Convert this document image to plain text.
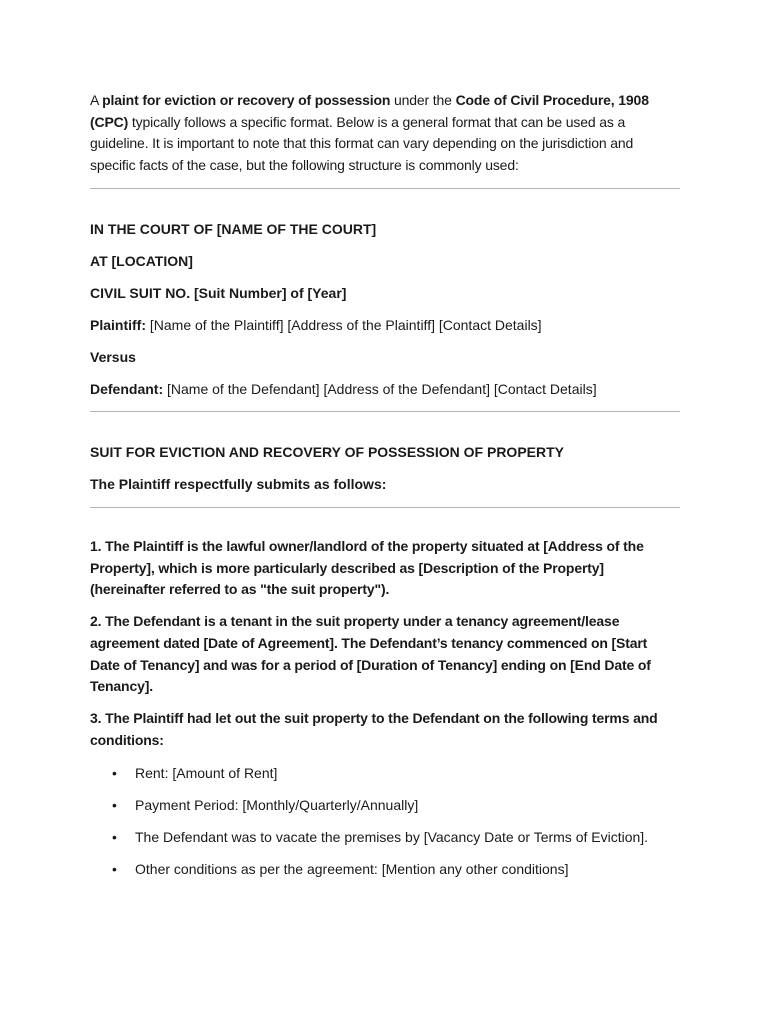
A plaint for eviction or recovery of possession under the Code of Civil Procedure, 1908 (CPC) typically follows a specific format. Below is a general format that can be used as a guideline. It is important to note that this format can vary depending on the jurisdiction and specific facts of the case, but the following structure is commonly used:

IN THE COURT OF [NAME OF THE COURT]

AT [LOCATION]

CIVIL SUIT NO. [Suit Number] of [Year]

Plaintiff: [Name of the Plaintiff] [Address of the Plaintiff] [Contact Details]

Versus

Defendant: [Name of the Defendant] [Address of the Defendant] [Contact Details]

SUIT FOR EVICTION AND RECOVERY OF POSSESSION OF PROPERTY

The Plaintiff respectfully submits as follows:

1. The Plaintiff is the lawful owner/landlord of the property situated at [Address of the Property], which is more particularly described as [Description of the Property] (hereinafter referred to as "the suit property").

2. The Defendant is a tenant in the suit property under a tenancy agreement/lease agreement dated [Date of Agreement]. The Defendant’s tenancy commenced on [Start Date of Tenancy] and was for a period of [Duration of Tenancy] ending on [End Date of Tenancy].

3. The Plaintiff had let out the suit property to the Defendant on the following terms and conditions:

• Rent: [Amount of Rent]
• Payment Period: [Monthly/Quarterly/Annually]
• The Defendant was to vacate the premises by [Vacancy Date or Terms of Eviction].
• Other conditions as per the agreement: [Mention any other conditions]
